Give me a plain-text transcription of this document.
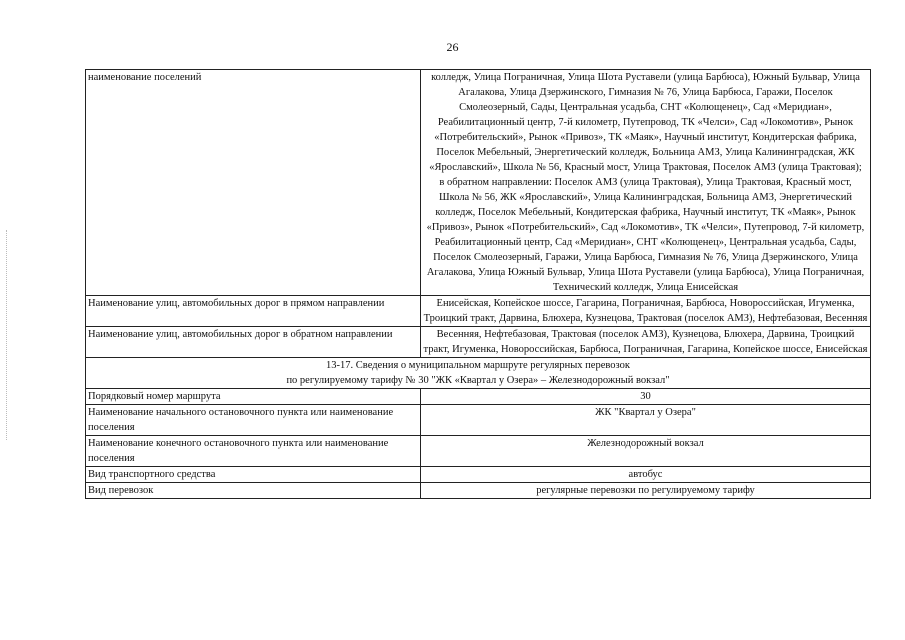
26
наименование поселений	колледж, Улица Пограничная, Улица Шота Руставели (улица Барбюса), Южный Бульвар, Улица Агалакова, Улица Дзержинского, Гимназия № 76, Улица Барбюса, Гаражи, Поселок Смолеозерный, Сады, Центральная усадьба, СНТ «Колющенец», Сад «Меридиан», Реабилитационный центр, 7-й километр, Путепровод, ТК «Челси», Сад «Локомотив», Рынок «Потребительский», Рынок «Привоз», ТК «Маяк», Научный институт, Кондитерская фабрика, Поселок Мебельный, Энергетический колледж, Больница АМЗ, Улица Калининградская, ЖК «Ярославский», Школа № 56, Красный мост, Улица Трактовая, Поселок АМЗ (улица Трактовая);
в обратном направлении: Поселок АМЗ (улица Трактовая), Улица Трактовая, Красный мост, Школа № 56, ЖК «Ярославский», Улица Калининградская, Больница АМЗ, Энергетический колледж, Поселок Мебельный, Кондитерская фабрика, Научный институт, ТК «Маяк», Рынок «Привоз», Рынок «Потребительский», Сад «Локомотив», ТК «Челси», Путепровод, 7-й километр, Реабилитационный центр, Сад «Меридиан», СНТ «Колющенец», Центральная усадьба, Сады, Поселок Смолеозерный, Гаражи, Улица Барбюса, Гимназия № 76, Улица Дзержинского, Улица Агалакова, Улица Южный Бульвар, Улица Шота Руставели (улица Барбюса), Улица Пограничная, Технический колледж, Улица Енисейская

Наименование улиц, автомобильных дорог в прямом направлении	Енисейская, Копейское шоссе, Гагарина, Пограничная, Барбюса, Новороссийская, Игуменка, Троицкий тракт, Дарвина, Блюхера, Кузнецова, Трактовая (поселок АМЗ), Нефтебазовая, Весенняя
Наименование улиц, автомобильных дорог в обратном направлении	Весенняя, Нефтебазовая, Трактовая (поселок АМЗ), Кузнецова, Блюхера, Дарвина, Троицкий тракт, Игуменка, Новороссийская, Барбюса, Пограничная, Гагарина, Копейское шоссе, Енисейская

13-17. Сведения о муниципальном маршруте регулярных перевозок
по регулируемому тарифу № 30 "ЖК «Квартал у Озера» – Железнодорожный вокзал"	

Порядковый номер маршрута	30
Наименование начального остановочного пункта или наименование поселения	ЖК "Квартал у Озера"
Наименование конечного остановочного пункта или наименование поселения	Железнодорожный вокзал
Вид транспортного средства	автобус
Вид перевозок	регулярные перевозки по регулируемому тарифу
